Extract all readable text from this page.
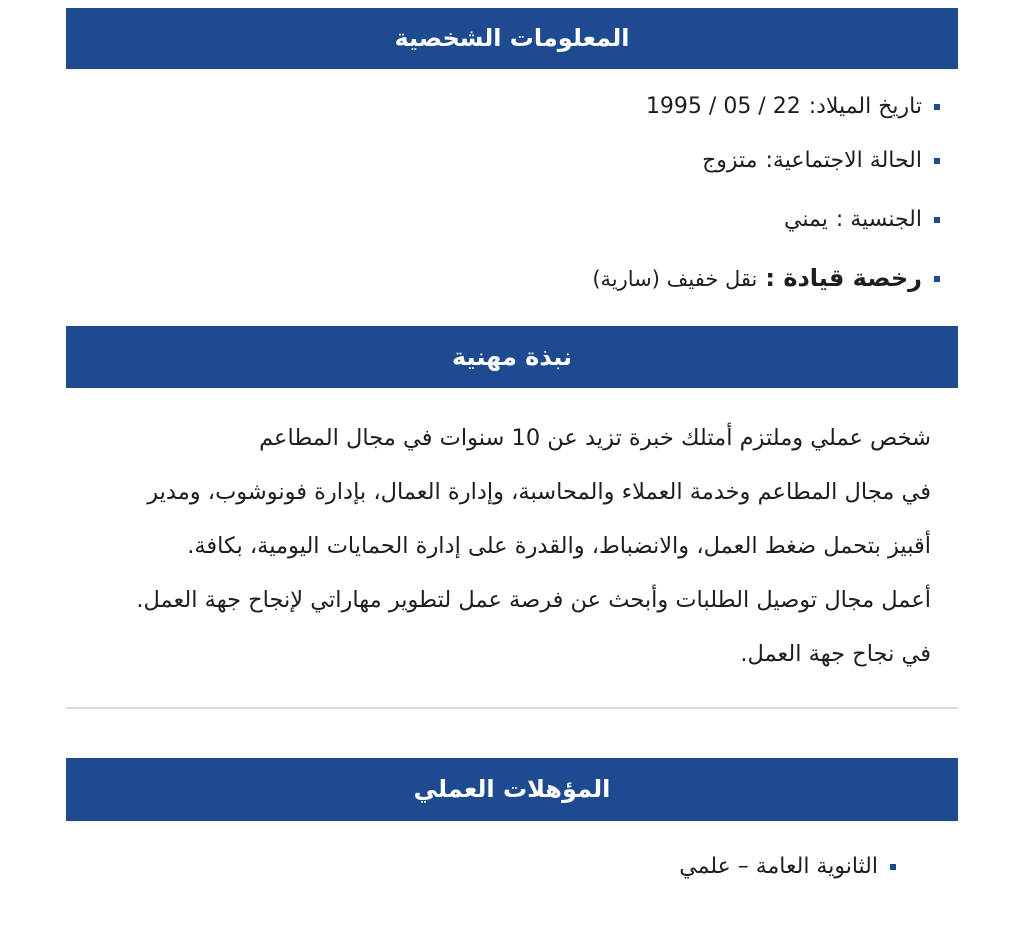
المعلومات الشخصية
تاريخ الميلاد:1995 / 05 / 22
الحالة الاجتماعية:متزوج
الجنسية :يمني
رخصة قيادة :نقل خفيف (سارية)
نبذة مهنية
شخص عملي وملتزم أمتلك خبرة تزيد عن 10 سنوات في مجال المطاعم
في مجال المطاعم وخدمة العملاء والمحاسبة، وإدارة العمال، بإدارة فونوشوب، ومدير
أقبيز بتحمل ضغط العمل، والانضباط، والقدرة على إدارة الحمايات اليومية، بكافة.
أعمل مجال توصيل الطلبات وأبحث عن فرصة عمل لتطوير مهاراتي لإنجاح جهة العمل.
في نجاح جهة العمل.
المؤهلات العملي
الثانوية العامة – علمي
